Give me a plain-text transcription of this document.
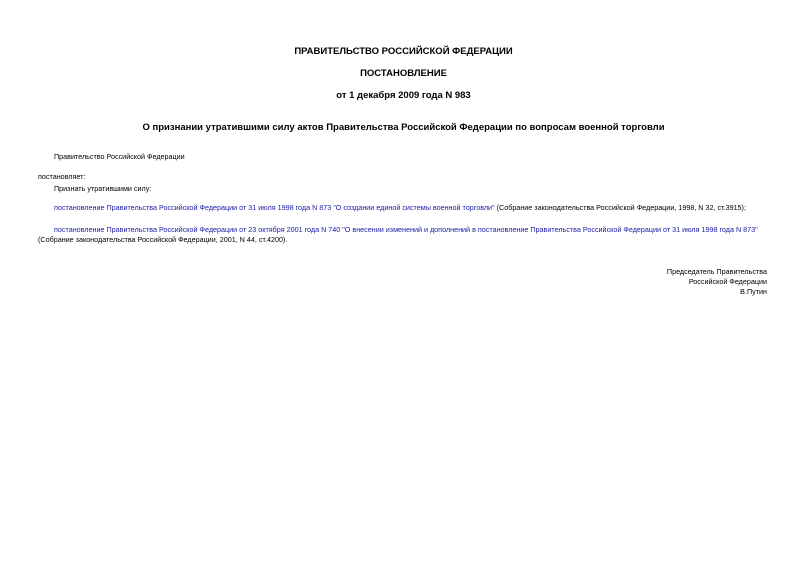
ПРАВИТЕЛЬСТВО РОССИЙСКОЙ ФЕДЕРАЦИИ
ПОСТАНОВЛЕНИЕ
от 1 декабря 2009 года N 983
О признании утратившими силу актов Правительства Российской Федерации по вопросам военной торговли
Правительство Российской Федерации
постановляет:
Признать утратившими силу:
постановление Правительства Российской Федерации от 31 июля 1998 года N 873 "О создании единой системы военной торговли" (Собрание законодательства Российской Федерации, 1998, N 32, ст.3915);
постановление Правительства Российской Федерации от 23 октября 2001 года N 740 "О внесении изменений и дополнений в постановление Правительства Российской Федерации от 31 июля 1998 года N 873"
(Собрание законодательства Российской Федерации, 2001, N 44, ст.4200).
Председатель Правительства
Российской Федерации
В.Путин
